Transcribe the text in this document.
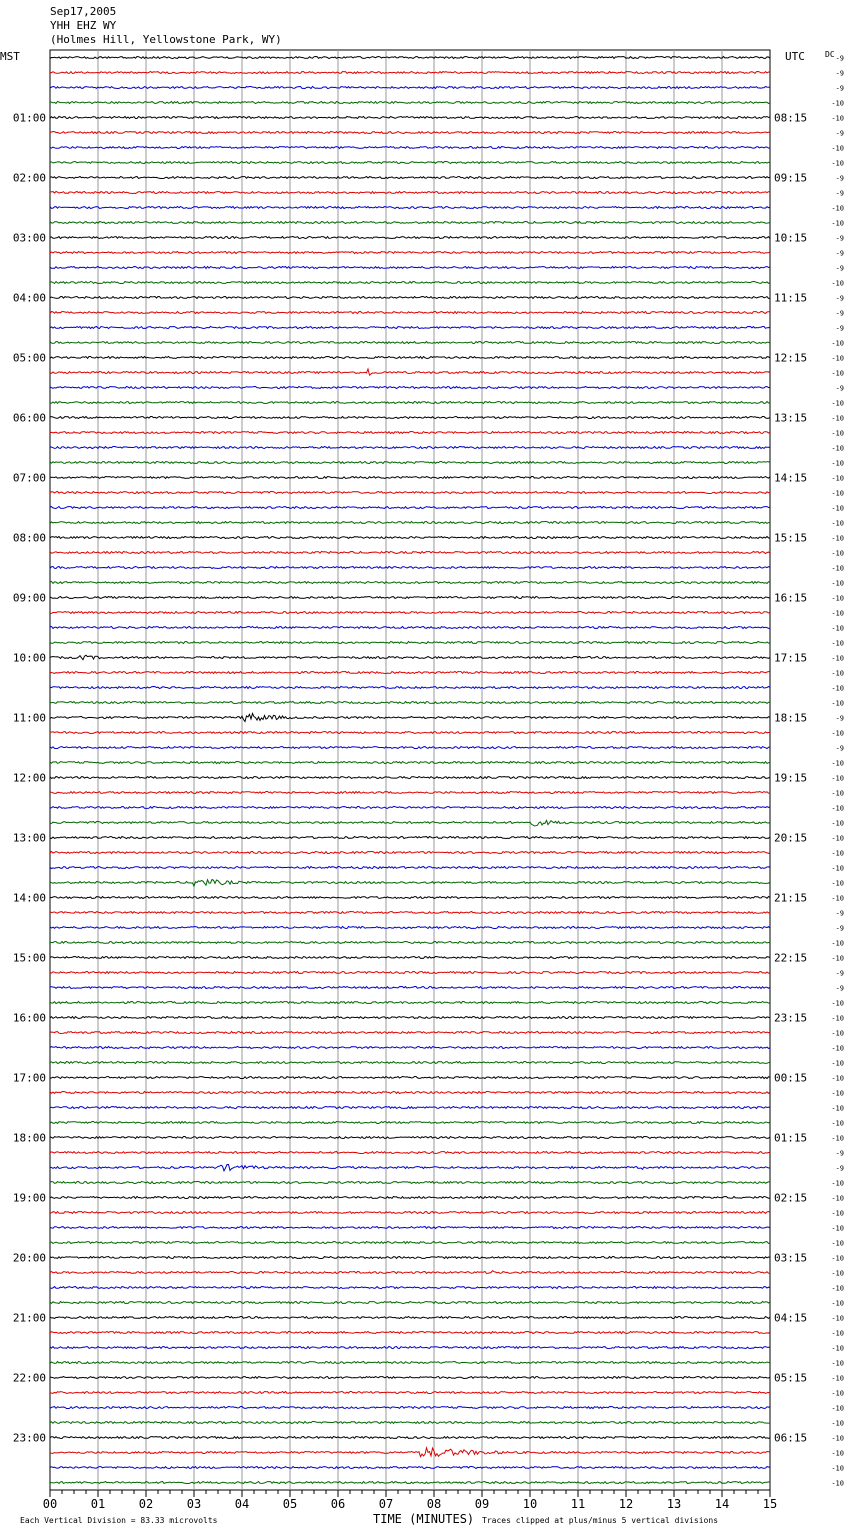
Sep17,2005
YHH EHZ WY
(Holmes Hill, Yellowstone Park, WY)
MST	UTC	DC
01:00
02:00
03:00
04:00
05:00
06:00
07:00
08:00
09:00
10:00
11:00
12:00
13:00
14:00
15:00
16:00
17:00
18:00
19:00
20:00
21:00
22:00
23:00
08:15
09:15
10:15
11:15
12:15
13:15
14:15
15:15
16:15
17:15
18:15
19:15
20:15
21:15
22:15
23:15
00:15
01:15
02:15
03:15
04:15
05:15
06:15
-9
-9
-9
-10
-10
-9
-10
-10
-9
-9
-10
-10
-9
-9
-9
-10
-9
-9
-9
-10
-10
-10
-9
-10
-10
-10
-10
-10
-10
-10
-10
-10
-10
-10
-10
-10
-10
-10
-10
-10
-10
-10
-10
-10
-9
-10
-9
-10
-10
-10
-10
-10
-10
-10
-10
-10
-10
-9
-9
-10
-10
-9
-9
-10
-10
-10
-10
-10
-10
-10
-10
-10
-10
-9
-9
-10
-10
-10
-10
-10
-10
-10
-10
-10
-10
-10
-10
-10
-10
-10
-10
-10
-10
-10
-10
-10
00	01	02	03	04	05	06	07	08	09	10	11	12	13	14	15
Each Vertical Division = 83.33 microvolts	TIME (MINUTES) Traces clipped at plus/minus 5 vertical divisions
